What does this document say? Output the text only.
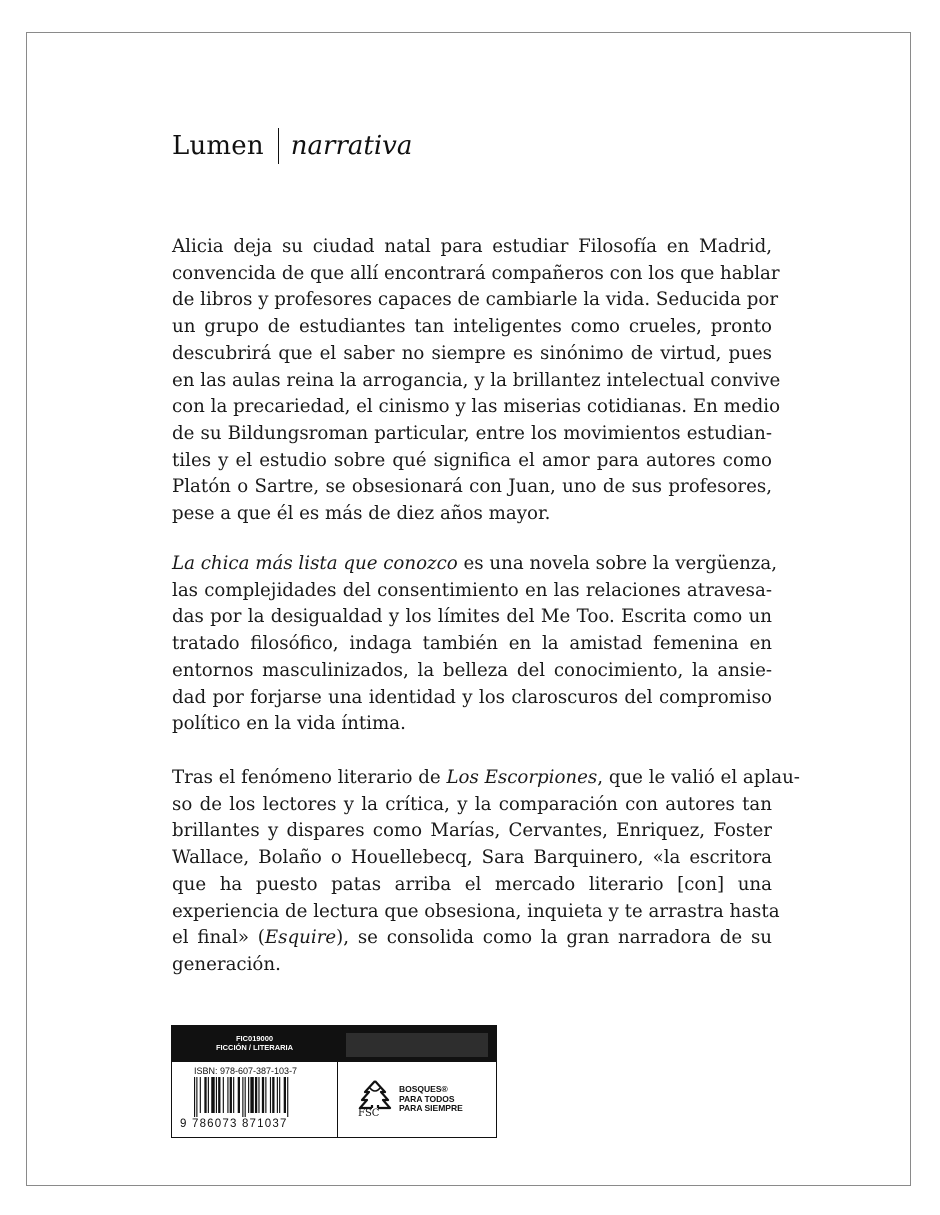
Lumen narrativa
Alicia deja su ciudad natal para estudiar Filosofía en Madrid,
convencida de que allí encontrará compañeros con los que hablar
de libros y profesores capaces de cambiarle la vida. Seducida por
un grupo de estudiantes tan inteligentes como crueles, pronto
descubrirá que el saber no siempre es sinónimo de virtud, pues
en las aulas reina la arrogancia, y la brillantez intelectual convive
con la precariedad, el cinismo y las miserias cotidianas. En medio
de su Bildungsroman particular, entre los movimientos estudian-
tiles y el estudio sobre qué significa el amor para autores como
Platón o Sartre, se obsesionará con Juan, uno de sus profesores,
pese a que él es más de diez años mayor.
La chica más lista que conozco es una novela sobre la vergüenza,
las complejidades del consentimiento en las relaciones atravesa-
das por la desigualdad y los límites del Me Too. Escrita como un
tratado filosófico, indaga también en la amistad femenina en
entornos masculinizados, la belleza del conocimiento, la ansie-
dad por forjarse una identidad y los claroscuros del compromiso
político en la vida íntima.
Tras el fenómeno literario de Los Escorpiones, que le valió el aplau-
so de los lectores y la crítica, y la comparación con autores tan
brillantes y dispares como Marías, Cervantes, Enriquez, Foster
Wallace, Bolaño o Houellebecq, Sara Barquinero, «la escritora
que ha puesto patas arriba el mercado literario [con] una
experiencia de lectura que obsesiona, inquieta y te arrastra hasta
el final» (Esquire), se consolida como la gran narradora de su
generación.
FIC019000
FICCIÓN / LITERARIA
ISBN: 978-607-387-103-7
9 786073 871037
FSC
BOSQUES®
PARA TODOS
PARA SIEMPRE
